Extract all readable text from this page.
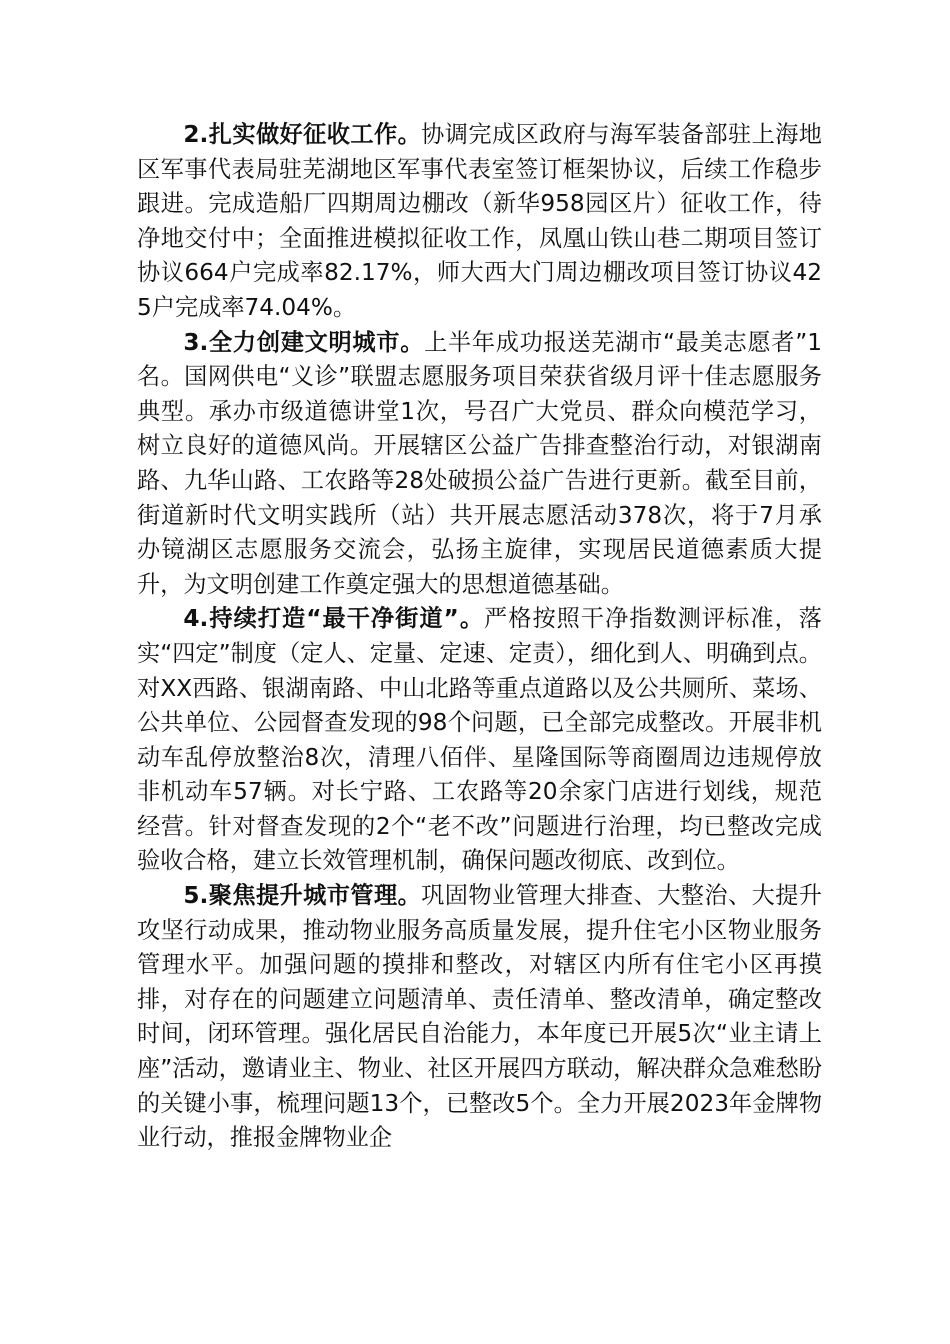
2.扎实做好征收工作。协调完成区政府与海军装备部驻上海地区军事代表局驻芜湖地区军事代表室签订框架协议，后续工作稳步跟进。完成造船厂四期周边棚改（新华958园区片）征收工作，待净地交付中；全面推进模拟征收工作，凤凰山铁山巷二期项目签订协议664户完成率82.17%，师大西大门周边棚改项目签订协议425户完成率74.04%。

3.全力创建文明城市。上半年成功报送芜湖市“最美志愿者”1名。国网供电“义诊”联盟志愿服务项目荣获省级月评十佳志愿服务典型。承办市级道德讲堂1次，号召广大党员、群众向模范学习，树立良好的道德风尚。开展辖区公益广告排查整治行动，对银湖南路、九华山路、工农路等28处破损公益广告进行更新。截至目前，街道新时代文明实践所（站）共开展志愿活动378次，将于7月承办镜湖区志愿服务交流会，弘扬主旋律，实现居民道德素质大提升，为文明创建工作奠定强大的思想道德基础。

4.持续打造“最干净街道”。严格按照干净指数测评标准，落实“四定”制度（定人、定量、定速、定责），细化到人、明确到点。对XX西路、银湖南路、中山北路等重点道路以及公共厕所、菜场、公共单位、公园督查发现的98个问题，已全部完成整改。开展非机动车乱停放整治8次，清理八佰伴、星隆国际等商圈周边违规停放非机动车57辆。对长宁路、工农路等20余家门店进行划线，规范经营。针对督查发现的2个“老不改”问题进行治理，均已整改完成验收合格，建立长效管理机制，确保问题改彻底、改到位。

5.聚焦提升城市管理。巩固物业管理大排查、大整治、大提升攻坚行动成果，推动物业服务高质量发展，提升住宅小区物业服务管理水平。加强问题的摸排和整改，对辖区内所有住宅小区再摸排，对存在的问题建立问题清单、责任清单、整改清单，确定整改时间，闭环管理。强化居民自治能力，本年度已开展5次“业主请上座”活动，邀请业主、物业、社区开展四方联动，解决群众急难愁盼的关键小事，梳理问题13个，已整改5个。全力开展2023年金牌物业行动，推报金牌物业企
